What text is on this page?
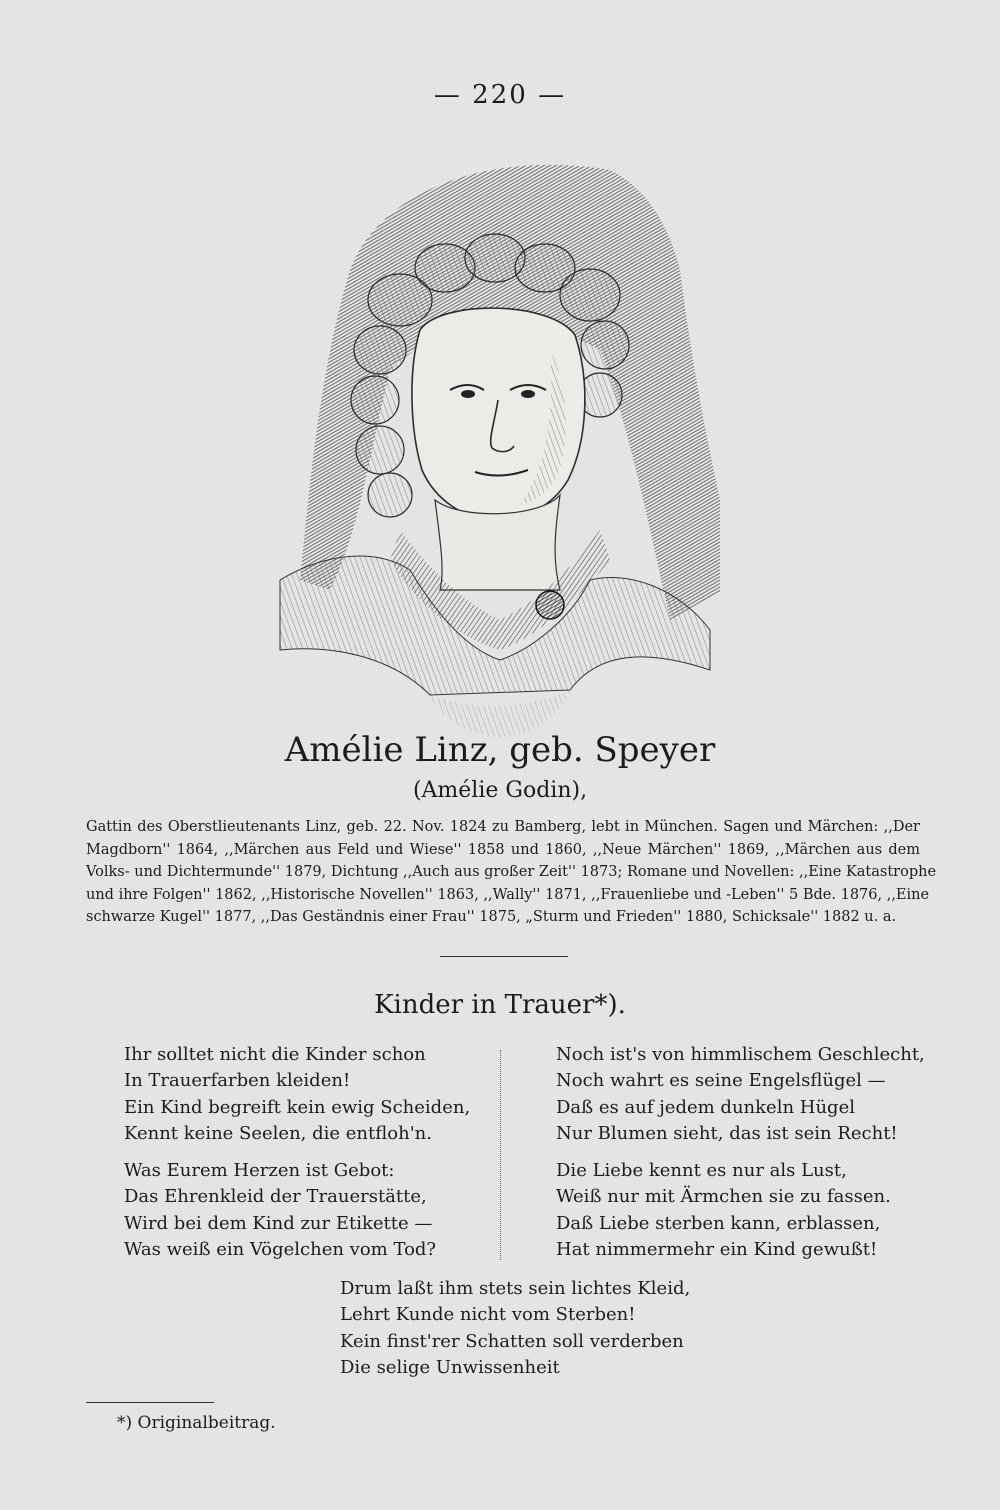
— 220 —
Amélie Linz, geb. Speyer
(Amélie Godin),
Gattin des Oberstlieutenants Linz, geb. 22. Nov. 1824 zu Bamberg, lebt in München. Sagen und Märchen: ,,Der
Magdborn'' 1864, ,,Märchen aus Feld und Wiese'' 1858 und 1860, ,,Neue Märchen'' 1869, ,,Märchen aus dem
Volks- und Dichtermunde'' 1879, Dichtung ,,Auch aus großer Zeit'' 1873; Romane und Novellen: ,,Eine Katastrophe
und ihre Folgen'' 1862, ,,Historische Novellen'' 1863, ,,Wally'' 1871, ,,Frauenliebe und -Leben'' 5 Bde. 1876, ,,Eine
schwarze Kugel'' 1877, ,,Das Geständnis einer Frau'' 1875, „Sturm und Frieden'' 1880, Schicksale'' 1882 u. a.
Kinder in Trauer*).
Ihr solltet nicht die Kinder schon
In Trauerfarben kleiden!
Ein Kind begreift kein ewig Scheiden,
Kennt keine Seelen, die entfloh'n.
Was Eurem Herzen ist Gebot:
Das Ehrenkleid der Trauerstätte,
Wird bei dem Kind zur Etikette —
Was weiß ein Vögelchen vom Tod?
Noch ist's von himmlischem Geschlecht,
Noch wahrt es seine Engelsflügel —
Daß es auf jedem dunkeln Hügel
Nur Blumen sieht, das ist sein Recht!
Die Liebe kennt es nur als Lust,
Weiß nur mit Ärmchen sie zu fassen.
Daß Liebe sterben kann, erblassen,
Hat nimmermehr ein Kind gewußt!
Drum laßt ihm stets sein lichtes Kleid,
Lehrt Kunde nicht vom Sterben!
Kein finst'rer Schatten soll verderben
Die selige Unwissenheit
*) Originalbeitrag.
